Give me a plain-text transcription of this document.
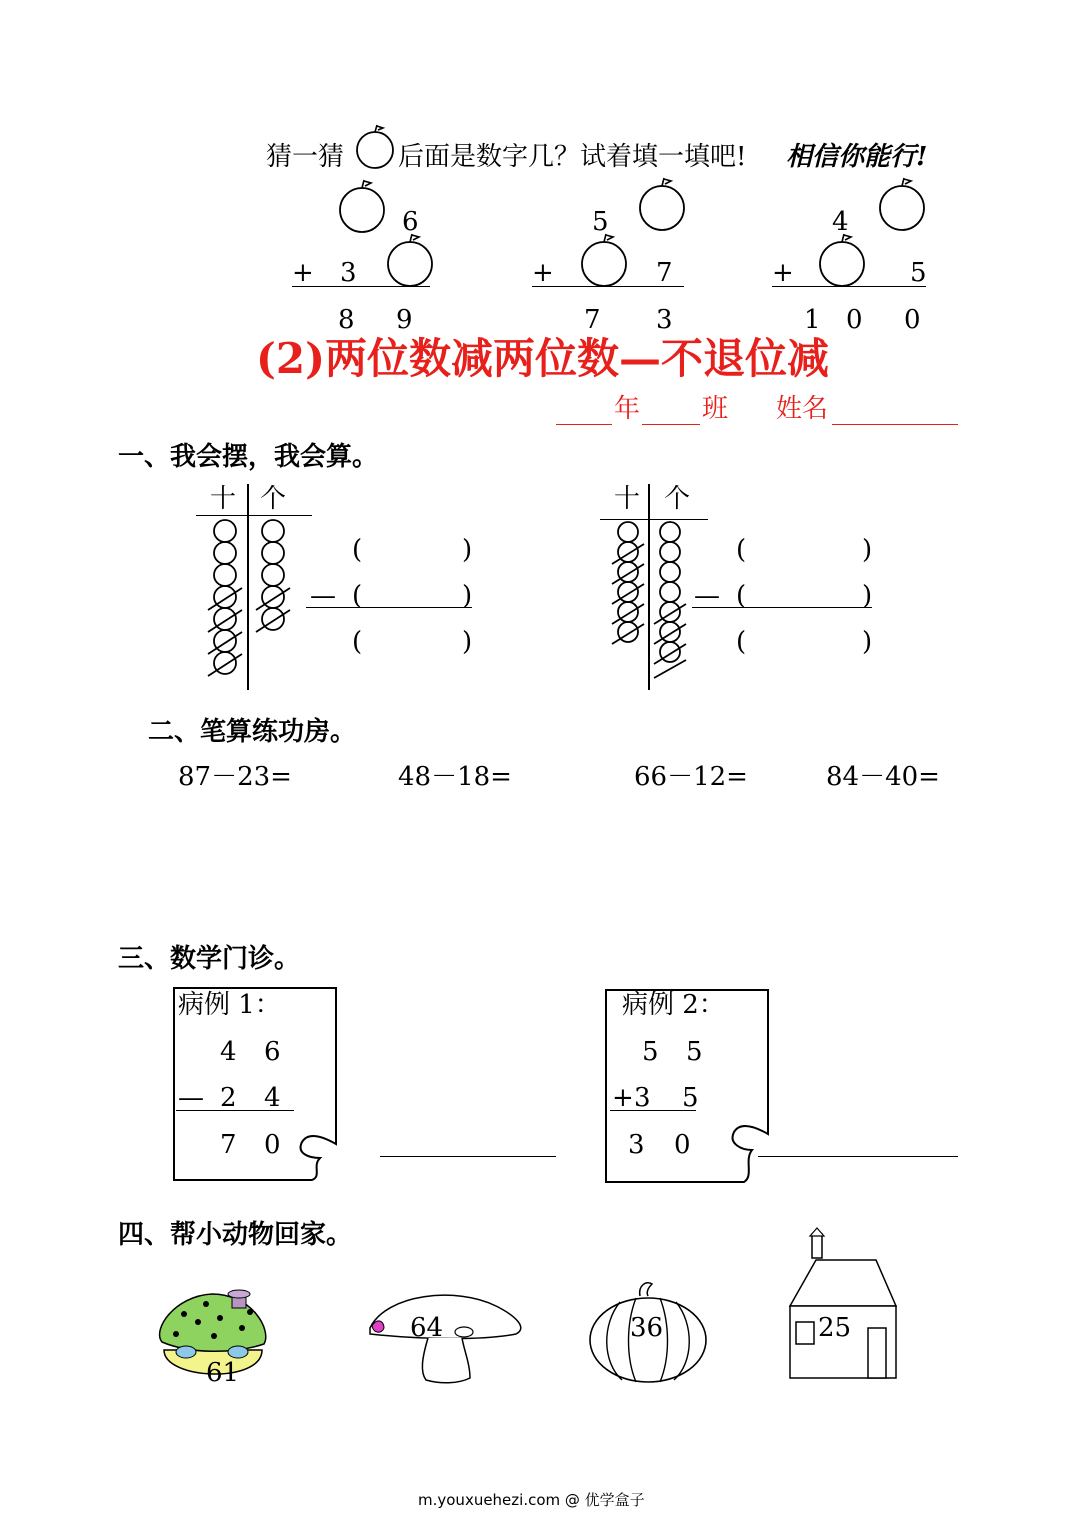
猜一猜 后面是数字几？试着填一填吧! 相信你能行!
6
+ 3
8 9
5
+	7
7 3
4
+	5
1 0 0
(2)两位数减两位数—不退位减
年 班 姓名
一、我会摆，我会算。
十 个
(	)
— (	)
(	)
十 个
(	)
— (	)
(	)
二、笔算练功房。
87－23=	48－18=	66－12=	84－40=
三、数学门诊。
病例 1：
4 6
— 2 4
7 0
病例 2：
5 5
+ 3 5
3 0
四、帮小动物回家。
61
64	36	25
m.youxuehezi.com @ 优学盒子
